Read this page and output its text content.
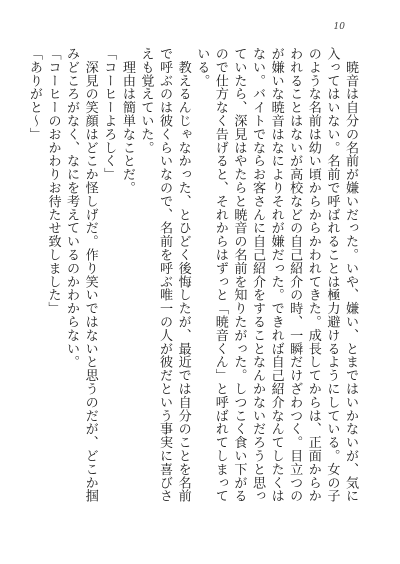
10

　暁音は自分の名前が嫌いだった。いや、嫌い、とまではいかないが、気に入ってはいない。名前で呼ばれることは極力避けるようにしている。女の子のような名前は幼い頃からからかわれてきた。成長してからは、正面からかわれることはないが高校などの自己紹介の時、一瞬だけざわつく。目立つのが嫌いな暁音はなによりそれが嫌だった。できれば自己紹介なんてしたくはない。バイトでならお客さんに自己紹介をすることなんかないだろうと思っていたら、深見はやたらと暁音の名前を知りたがった。しつこく食い下がるので仕方なく告げると、それからはずっと「暁音くん」と呼ばれてしまっている。

　教えるんじゃなかった、とひどく後悔したが、最近では自分のことを名前で呼ぶのは彼くらいなので、名前を呼ぶ唯一の人が彼だという事実に喜びさえも覚えていた。

　理由は簡単なことだ。

「コーヒーよろしく」

　深見の笑顔はどこか怪しげだ。作り笑いではないと思うのだが、どこか掴みどころがなく、なにを考えているのかわからない。

「コーヒーのおかわりお待たせ致しました」

「ありがと～」
